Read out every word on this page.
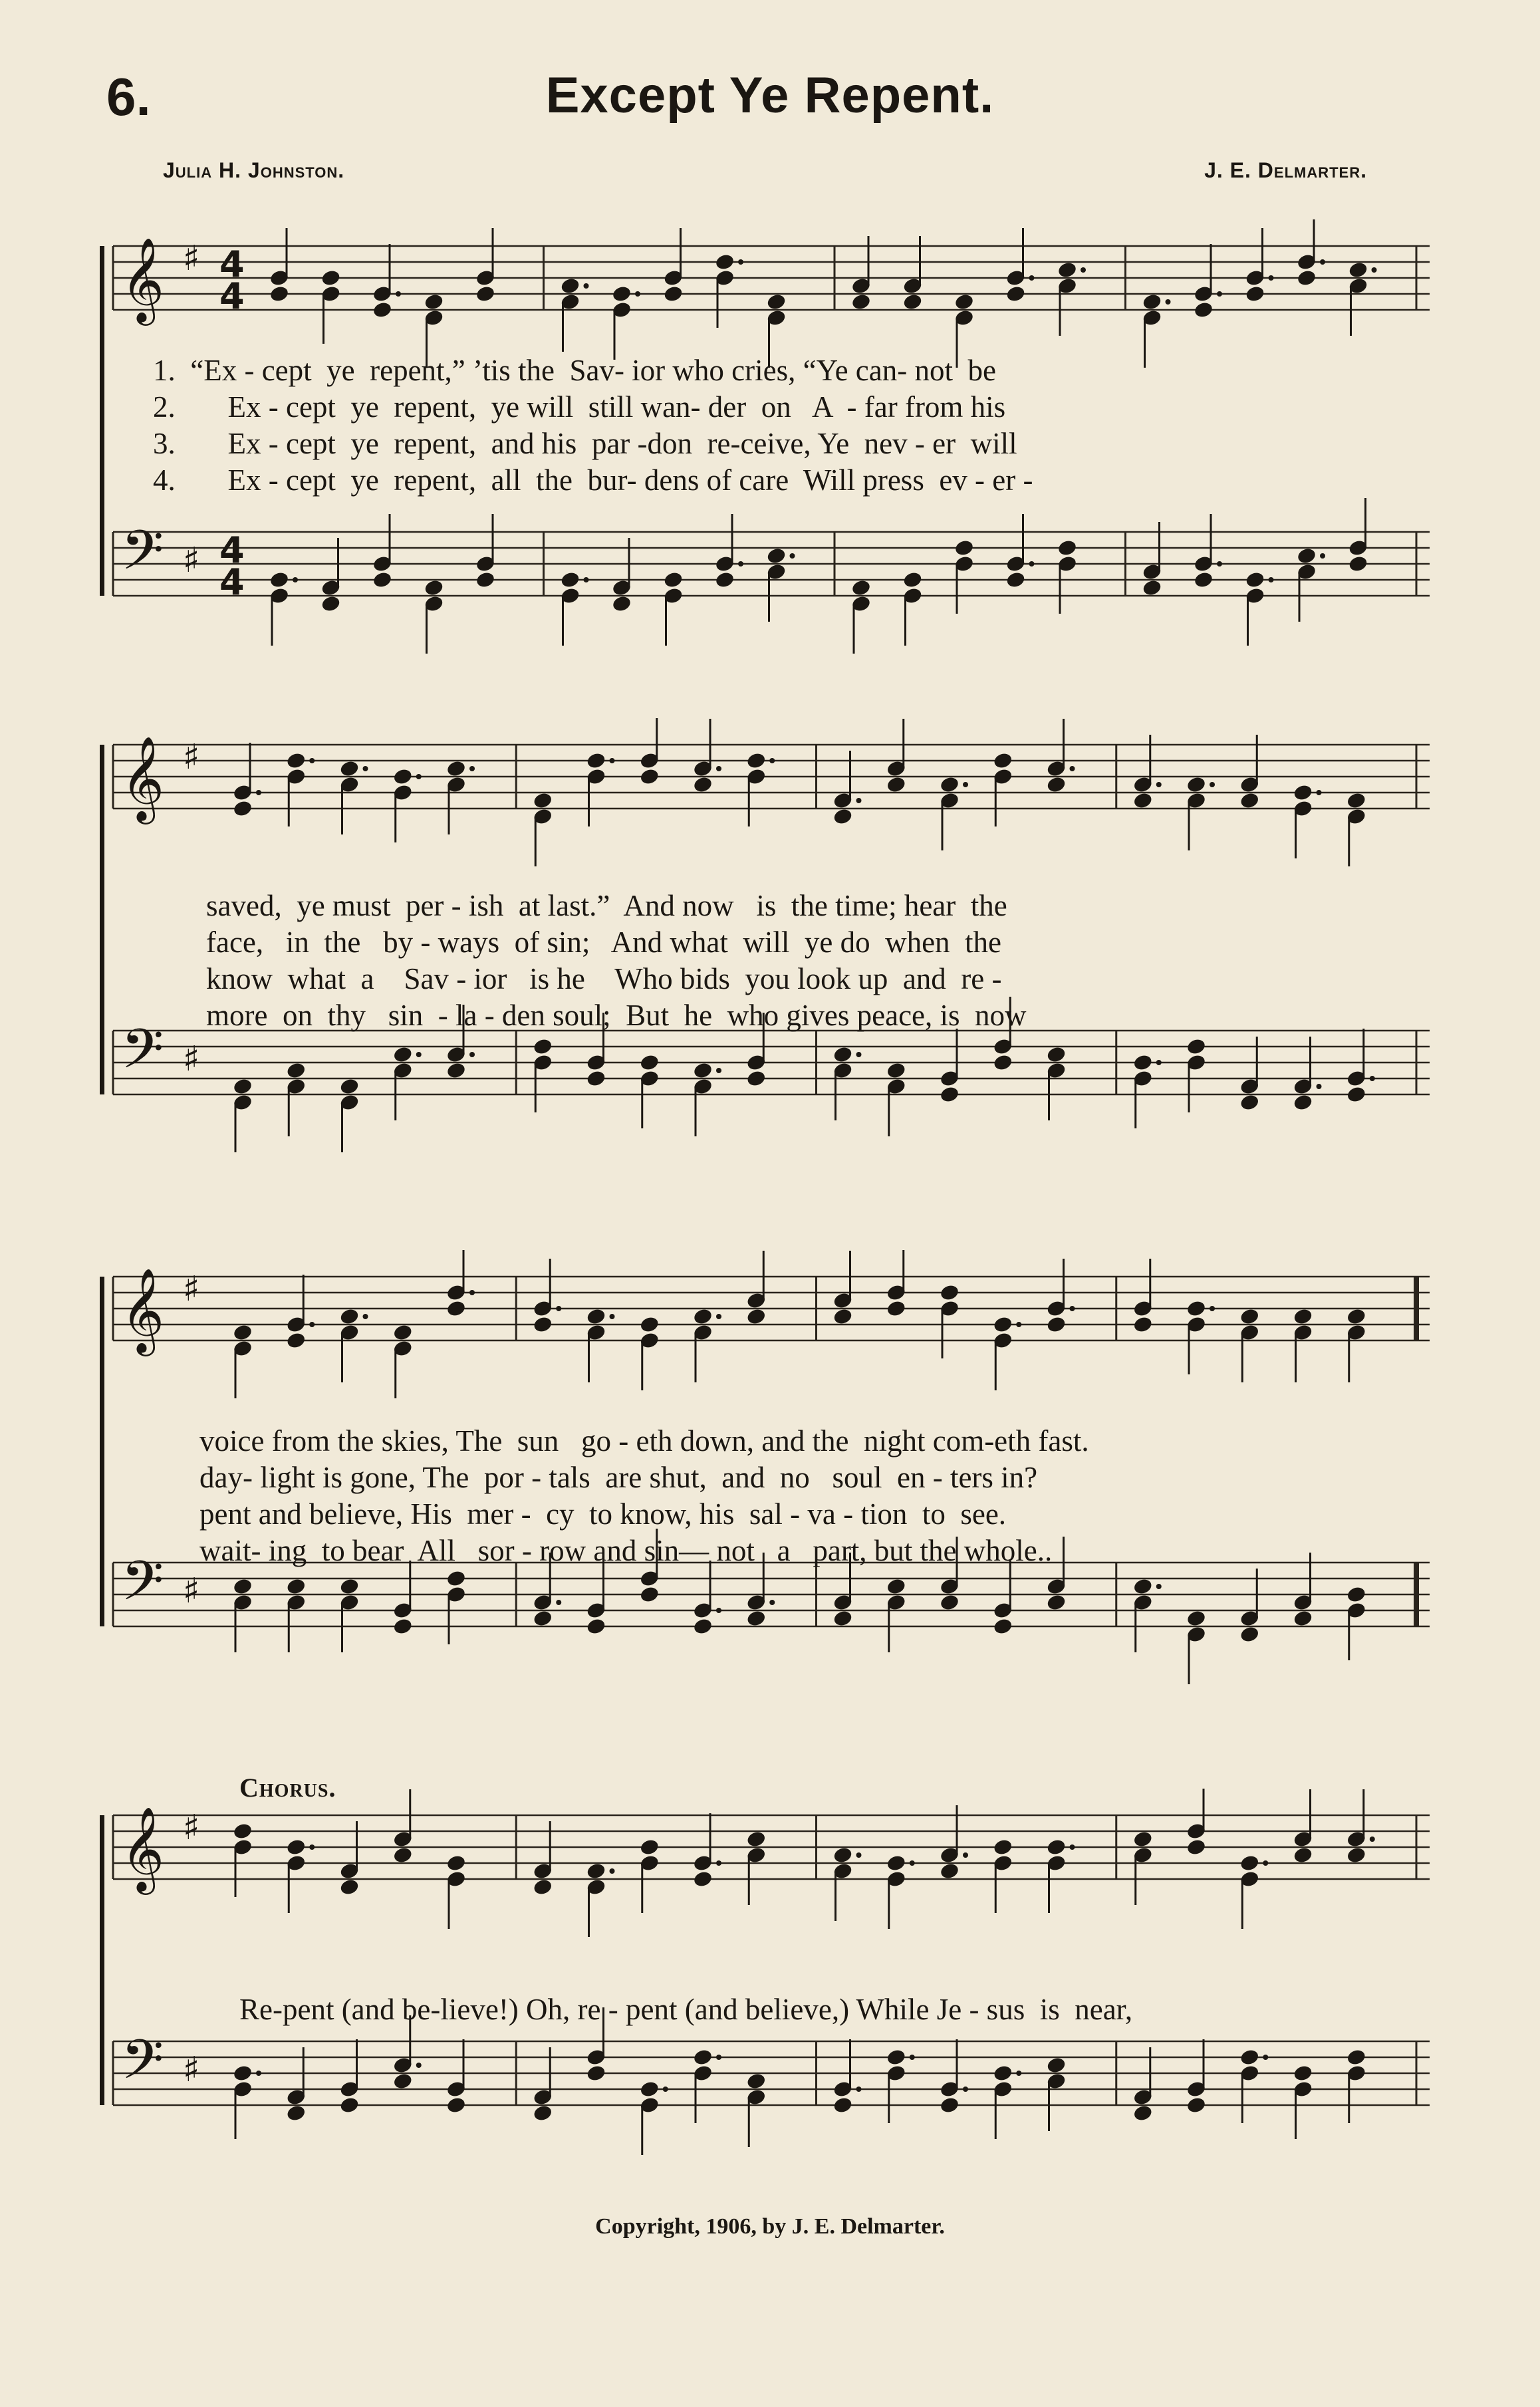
6.	Except Ye Repent.
Julia H. Johnston.	J. E. Delmarter.
𝄞 ♯ 4
4
𝄢 ♯ 4
4
1.  “Ex - cept  ye  repent,” ’tis the  Sav- ior who cries, “Ye can- not  be
2.       Ex - cept  ye  repent,  ye will  still wan- der  on   A  - far from his
3.       Ex - cept  ye  repent,  and his  par -don  re-ceive, Ye  nev - er  will
4.       Ex - cept  ye  repent,  all  the  bur- dens of care  Will press  ev - er -
𝄞 ♯
𝄢 ♯
saved,  ye must  per - ish  at last.”  And now   is  the time; hear  the
face,   in  the   by - ways  of sin;   And what  will  ye do  when  the
know  what  a    Sav - ior   is he    Who bids  you look up  and  re -
more  on  thy   sin  - la - den soul;  But  he  who gives peace, is  now
𝄞 ♯
𝄢 ♯
voice from the skies, The  sun   go - eth down, and the  night com-eth fast.
day- light is gone, The  por - tals  are shut,  and  no   soul  en - ters in?
pent and believe, His  mer -  cy  to know, his  sal - va - tion  to  see.
wait- ing  to bear  All   sor - row and sin— not   a   part, but the whole..
Chorus.
𝄞 ♯
𝄢 ♯
Re-pent (and be-lieve!) Oh, re - pent (and believe,) While Je - sus  is  near,
Copyright, 1906, by J. E. Delmarter.
